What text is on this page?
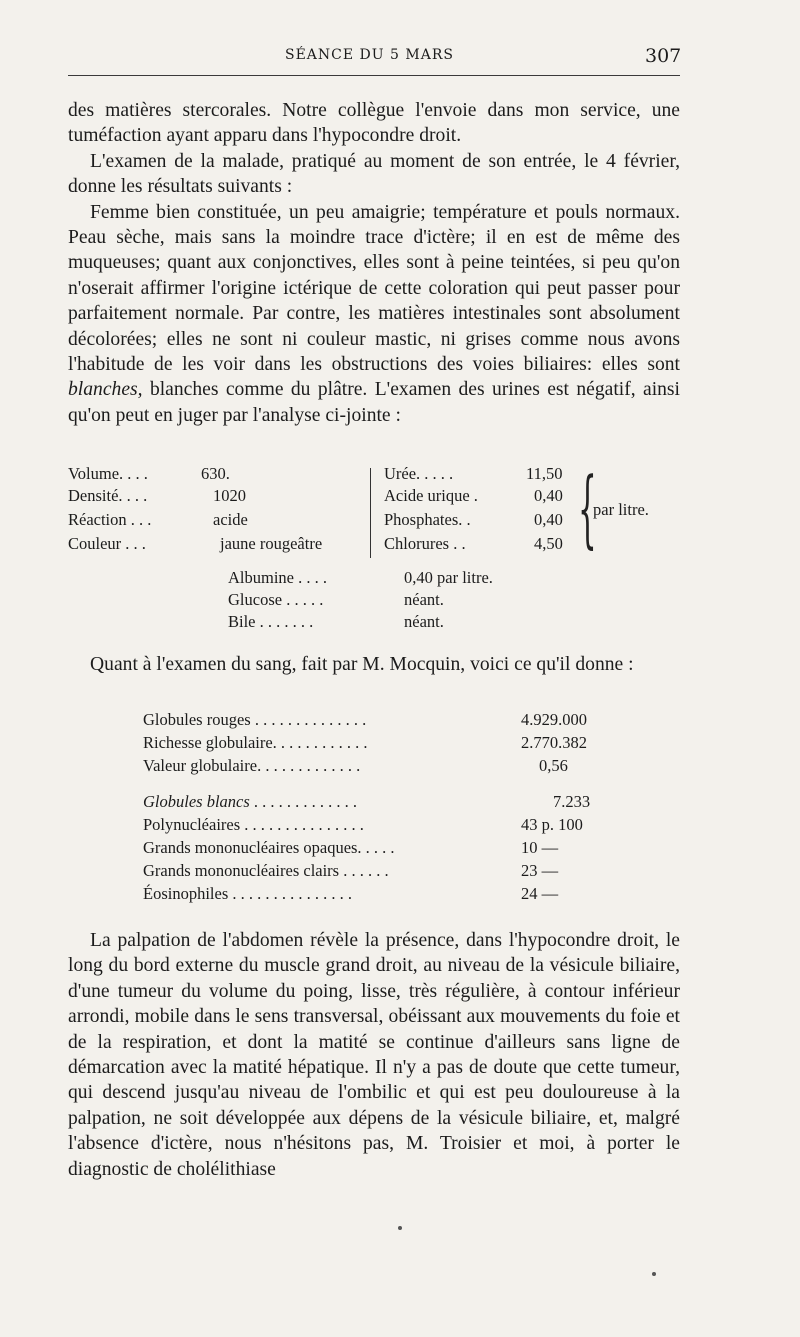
SÉANCE DU 5 MARS	307

des matières stercorales. Notre collègue l'envoie dans mon service, une tuméfaction ayant apparu dans l'hypocondre droit.

L'examen de la malade, pratiqué au moment de son entrée, le 4 février, donne les résultats suivants :

Femme bien constituée, un peu amaigrie; température et pouls normaux. Peau sèche, mais sans la moindre trace d'ictère; il en est de même des muqueuses; quant aux conjonctives, elles sont à peine teintées, si peu qu'on n'oserait affirmer l'origine ictérique de cette coloration qui peut passer pour parfaitement normale. Par contre, les matières intestinales sont absolument décolorées; elles ne sont ni couleur mastic, ni grises comme nous avons l'habitude de les voir dans les obstructions des voies biliaires: elles sont blanches, blanches comme du plâtre. L'examen des urines est négatif, ainsi qu'on peut en juger par l'analyse ci-jointe :

Volume. . . .	630.
Densité. . . .	1020
Réaction . . .	acide
Couleur . . .	jaune rougeâtre
Urée. . . . .	11,50
Acide urique .	0,40
Phosphates. .	0,40
Chlorures . .	4,50 {
par litre.
Albumine . . . .	0,40 par litre.
Glucose . . . . .	néant.
Bile . . . . . . .	néant.

Quant à l'examen du sang, fait par M. Mocquin, voici ce qu'il donne :

Globules rouges . . . . . . . . . . . . . .	4.929.000
Richesse globulaire. . . . . . . . . . . .	2.770.382
Valeur globulaire. . . . . . . . . . . . .	0,56
Globules blancs . . . . . . . . . . . . .	7.233
Polynucléaires . . . . . . . . . . . . . . .	43 p. 100
Grands mononucléaires opaques. . . . .	10 —
Grands mononucléaires clairs . . . . . .	23 —
Éosinophiles . . . . . . . . . . . . . . .	24 —

La palpation de l'abdomen révèle la présence, dans l'hypocondre droit, le long du bord externe du muscle grand droit, au niveau de la vésicule biliaire, d'une tumeur du volume du poing, lisse, très régulière, à contour inférieur arrondi, mobile dans le sens transversal, obéissant aux mouvements du foie et de la respiration, et dont la matité se continue d'ailleurs sans ligne de démarcation avec la matité hépatique. Il n'y a pas de doute que cette tumeur, qui descend jusqu'au niveau de l'ombilic et qui est peu douloureuse à la palpation, ne soit développée aux dépens de la vésicule biliaire, et, malgré l'absence d'ictère, nous n'hésitons pas, M. Troisier et moi, à porter le diagnostic de cholélithiase
